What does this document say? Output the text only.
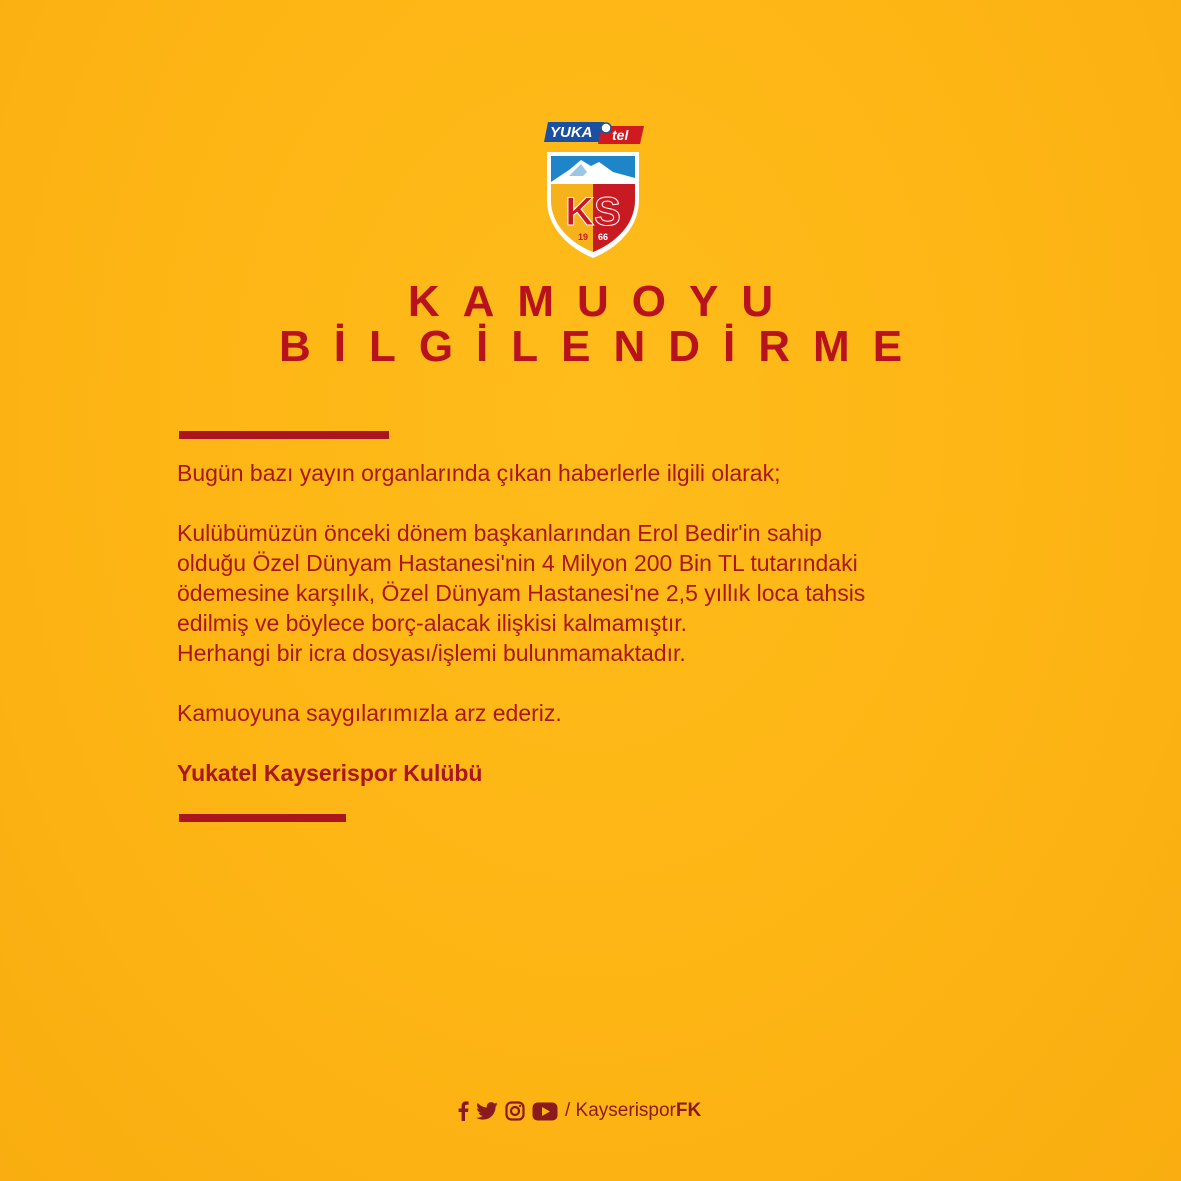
YUKA tel
KS
19 66
KAMUOYU
BİLGİLENDİRME

Bugün bazı yayın organlarında çıkan haberlerle ilgili olarak;

Kulübümüzün önceki dönem başkanlarından Erol Bedir'in sahip

olduğu Özel Dünyam Hastanesi'nin 4 Milyon 200 Bin TL tutarındaki

ödemesine karşılık, Özel Dünyam Hastanesi'ne 2,5 yıllık loca tahsis

edilmiş ve böylece borç-alacak ilişkisi kalmamıştır.

Herhangi bir icra dosyası/işlemi bulunmamaktadır.

Kamuoyuna saygılarımızla arz ederiz.

Yukatel Kayserispor Kulübü

/ KayserisporFK
